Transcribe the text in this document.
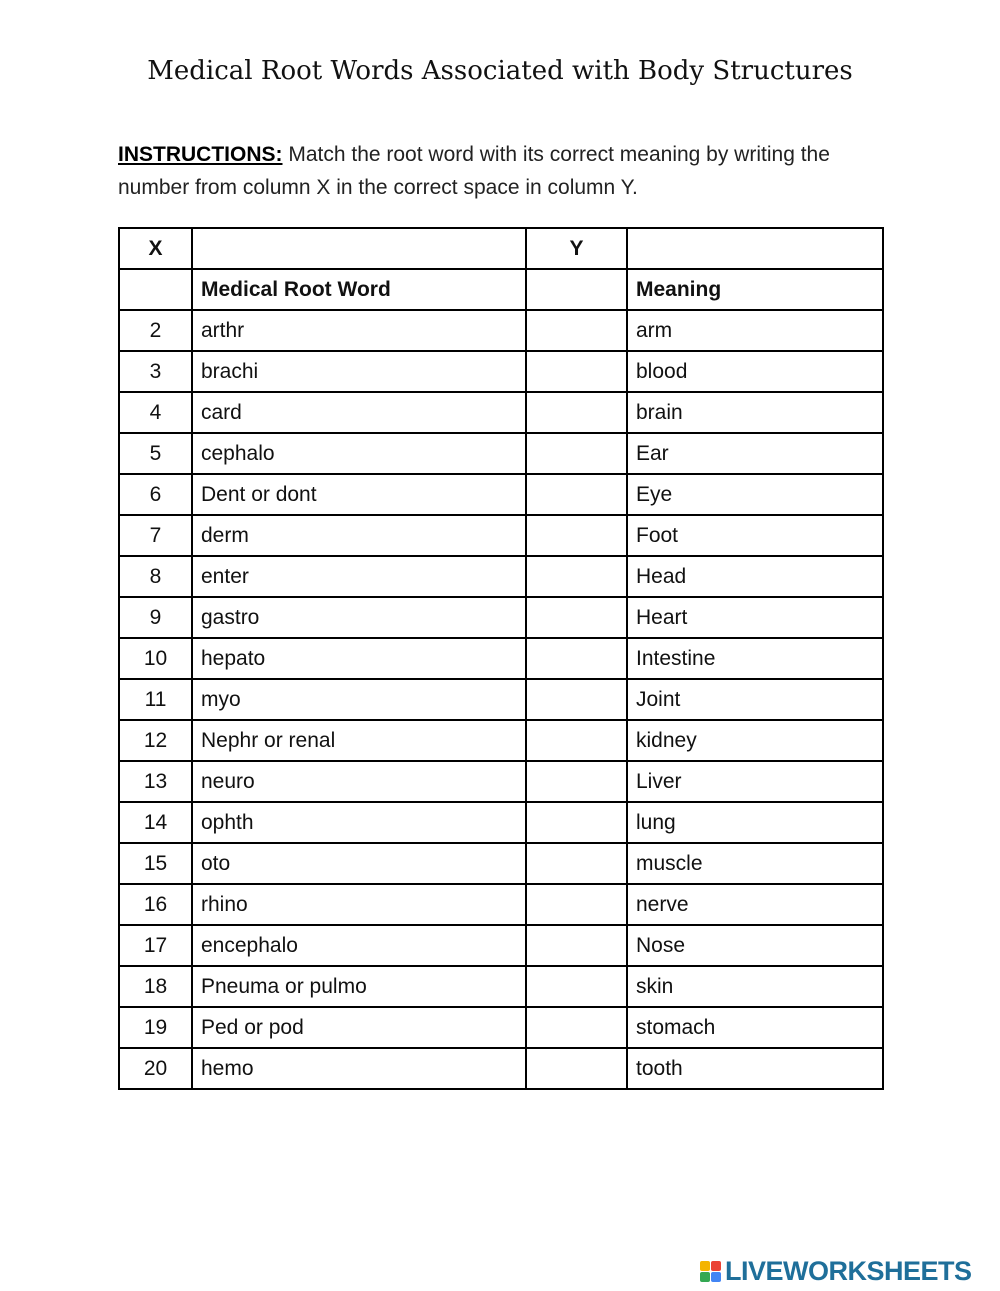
Medical Root Words Associated with Body Structures

INSTRUCTIONS: Match the root word with its correct meaning by writing the number from column X in the correct space in column Y.

X		Y	
	Medical Root Word		Meaning
2	arthr		arm
3	brachi		blood
4	card		brain
5	cephalo		Ear
6	Dent or dont		Eye
7	derm		Foot
8	enter		Head
9	gastro		Heart
10	hepato		Intestine
11	myo		Joint
12	Nephr or renal		kidney
13	neuro		Liver
14	ophth		lung
15	oto		muscle
16	rhino		nerve
17	encephalo		Nose
18	Pneuma or pulmo		skin
19	Ped or pod		stomach
20	hemo		tooth
LIVEWORKSHEETS
